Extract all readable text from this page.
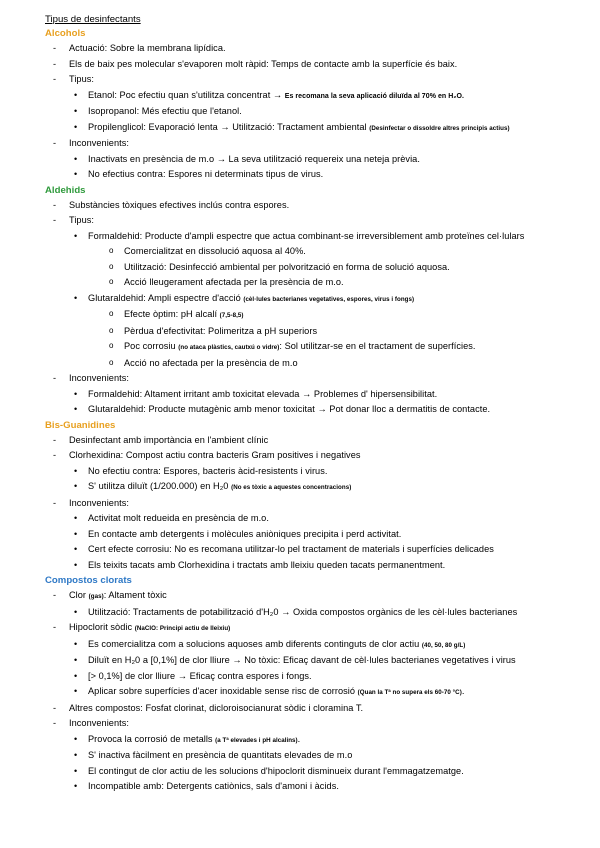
Tipus de desinfectants
Alcohols
- Actuació: Sobre la membrana lipídica.
- Els de baix pes molecular s'evaporen molt ràpid: Temps de contacte amb la superfície és baix.
- Tipus:
• Etanol: Poc efectiu quan s'utilitza concentrat → Es recomana la seva aplicació diluïda al 70% en H₂O.
• Isopropanol: Més efectiu que l'etanol.
• Propilenglicol: Evaporació lenta → Utilització: Tractament ambiental (Desinfectar o dissoldre altres principis actius)
- Inconvenients:
• Inactivats en presència de m.o → La seva utilització requereix una neteja prèvia.
• No efectius contra: Espores ni determinats tipus de virus.
Aldehids
- Substàncies tòxiques efectives inclús contra espores.
- Tipus:
• Formaldehid: Producte d'ampli espectre que actua combinant-se irreversiblement amb proteïnes cel·lulars
o Comercialitzat en dissolució aquosa al 40%.
o Utilització: Desinfecció ambiental per polvorització en forma de solució aquosa.
o Acció lleugerament afectada per la presència de m.o.
• Glutaraldehid: Ampli espectre d'acció (cèl·lules bacterianes vegetatives, espores, virus i fongs)
o Efecte òptim: pH alcalí (7,5-8,5)
o Pèrdua d'efectivitat: Polimeritza a pH superiors
o Poc corrosiu (no ataca plàstics, cautxú o vidre): Sol utilitzar-se en el tractament de superfícies.
o Acció no afectada per la presència de m.o
- Inconvenients:
• Formaldehid: Altament irritant amb toxicitat elevada → Problemes d' hipersensibilitat.
• Glutaraldehid: Producte mutagènic amb menor toxicitat → Pot donar lloc a dermatitis de contacte.
Bis-Guanidines
- Desinfectant amb importància en l'ambient clínic
- Clorhexidina: Compost actiu contra bacteris Gram positives i negatives
• No efectiu contra: Espores, bacteris àcid-resistents i virus.
• S' utilitza diluït (1/200.000) en H₂0 (No es tòxic a aquestes concentracions)
- Inconvenients:
• Activitat molt redueida en presència de m.o.
• En contacte amb detergents i molècules aniòniques precipita i perd activitat.
• Cert efecte corrosiu: No es recomana utilitzar-lo pel tractament de materials i superfícies delicades
• Els teixits tacats amb Clorhexidina i tractats amb lleixiu queden tacats permanentment.
Compostos clorats
- Clor (gas): Altament tòxic
• Utilització: Tractaments de potabilització d'H₂0 → Oxida compostos orgànics de les cèl·lules bacterianes
- Hipoclorit sòdic (NaClO: Principi actiu de lleixiu)
• Es comercialitza com a solucions aquoses amb diferents continguts de clor actiu (40, 50, 80 g/L)
• Diluït en H₂0 a [0,1%] de clor lliure → No tòxic: Eficaç davant de cèl·lules bacterianes vegetatives i virus
• [> 0,1%] de clor lliure → Eficaç contra espores i fongs.
• Aplicar sobre superfícies d'acer inoxidable sense risc de corrosió (Quan la Tª no supera els 60-70 °C).
- Altres compostos: Fosfat clorinat, dicloroisocianurat sòdic i cloramina T.
- Inconvenients:
• Provoca la corrosió de metalls (a Tª elevades i pH alcalins).
• S' inactiva fàcilment en presència de quantitats elevades de m.o
• El contingut de clor actiu de les solucions d'hipoclorit disminueix durant l'emmagatzematge.
• Incompatible amb: Detergents catiònics, sals d'amoni i àcids.
